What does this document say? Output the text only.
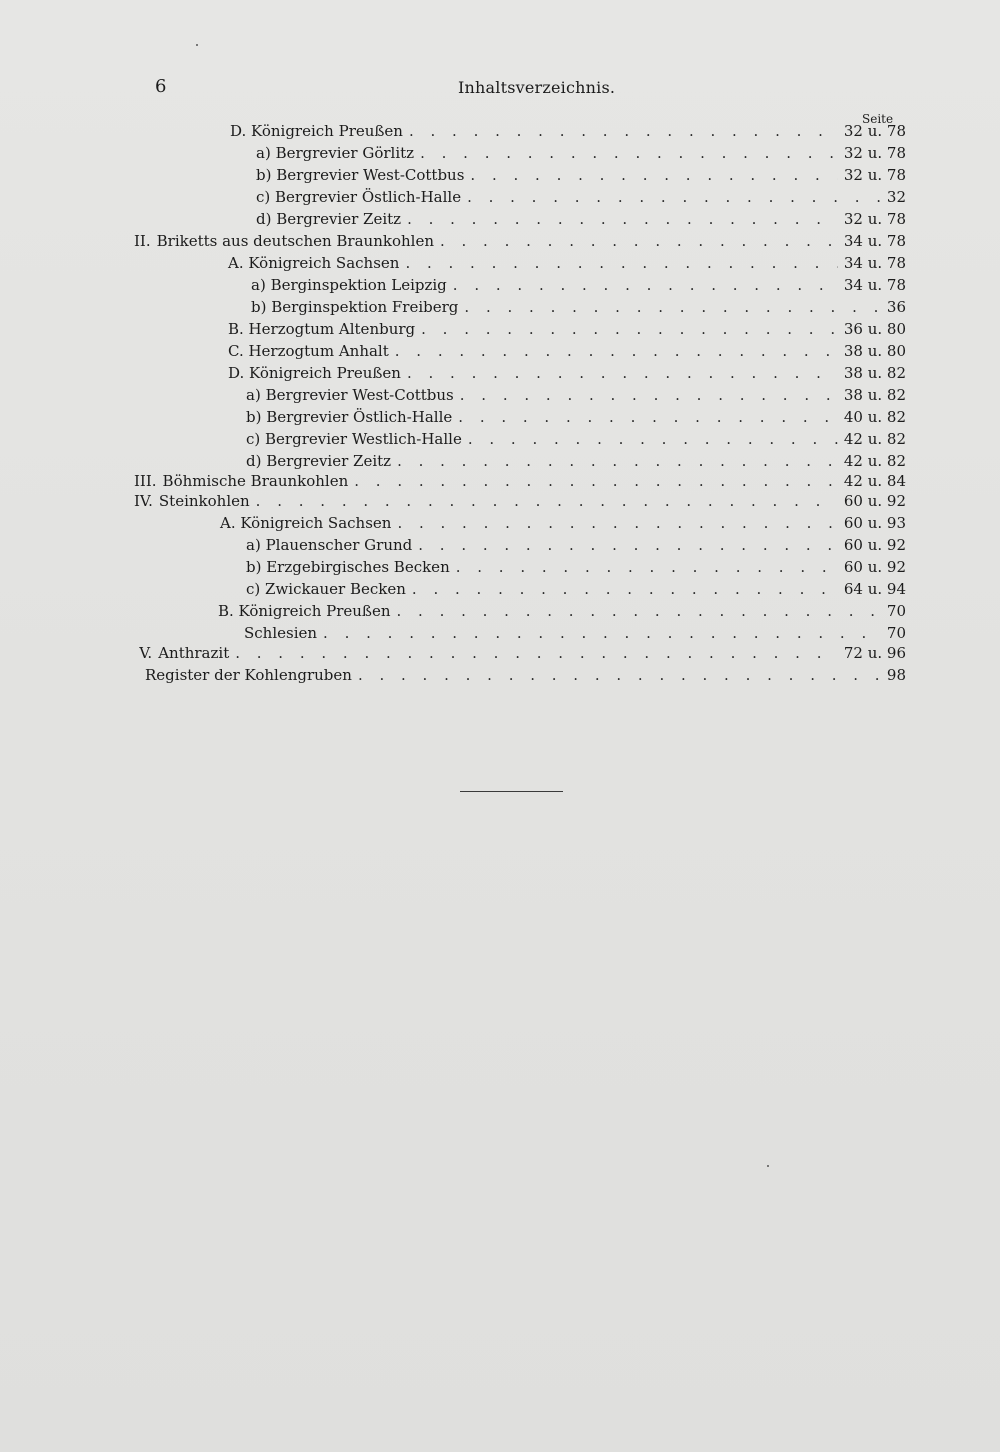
6	Inhaltsverzeichnis.
Seite
D. Königreich Preußen . . .	32 u. 78
a) Bergrevier Görlitz . . .	32 u. 78
b) Bergrevier West-Cottbus . . .	32 u. 78
c) Bergrevier Östlich-Halle . . .	32
d) Bergrevier Zeitz . . .	32 u. 78
II. Briketts aus deutschen Braunkohlen . . .	34 u. 78
A. Königreich Sachsen . . .	34 u. 78
a) Berginspektion Leipzig . . .	34 u. 78
b) Berginspektion Freiberg . . .	36
B. Herzogtum Altenburg . . .	36 u. 80
C. Herzogtum Anhalt . . .	38 u. 80
D. Königreich Preußen . . .	38 u. 82
a) Bergrevier West-Cottbus . . .	38 u. 82
b) Bergrevier Östlich-Halle . . .	40 u. 82
c) Bergrevier Westlich-Halle . . .	42 u. 82
d) Bergrevier Zeitz . . .	42 u. 82
III. Böhmische Braunkohlen . . .	42 u. 84
IV. Steinkohlen . . .	60 u. 92
A. Königreich Sachsen . . .	60 u. 93
a) Plauenscher Grund . . .	60 u. 92
b) Erzgebirgisches Becken . . .	60 u. 92
c) Zwickauer Becken . . .	64 u. 94
B. Königreich Preußen . . .	70
Schlesien . . .	70
V. Anthrazit . . .	72 u. 96
Register der Kohlengruben . . .	98
